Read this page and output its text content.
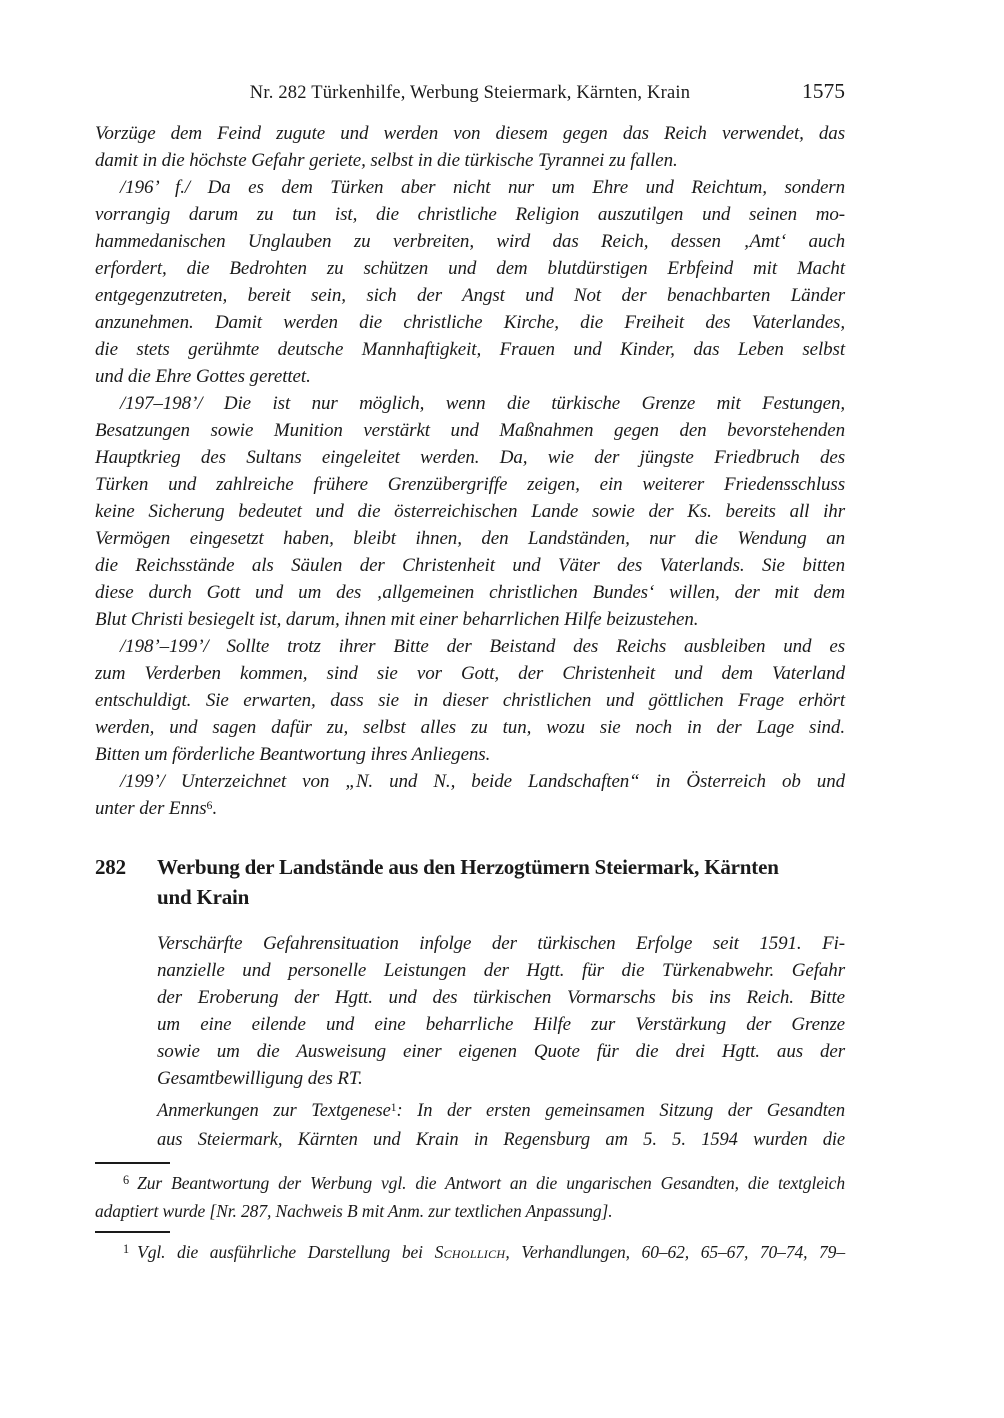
Nr. 282 Türkenhilfe, Werbung Steiermark, Kärnten, Krain	1575
Vorzüge dem Feind zugute und werden von diesem gegen das Reich verwendet, das
damit in die höchste Gefahr geriete, selbst in die türkische Tyrannei zu fallen.
/196’ f./ Da es dem Türken aber nicht nur um Ehre und Reichtum, sondern
vorrangig darum zu tun ist, die christliche Religion auszutilgen und seinen mo-
hammedanischen Unglauben zu verbreiten, wird das Reich, dessen ‚Amt‘ auch
erfordert, die Bedrohten zu schützen und dem blutdürstigen Erbfeind mit Macht
entgegenzutreten, bereit sein, sich der Angst und Not der benachbarten Länder
anzunehmen. Damit werden die christliche Kirche, die Freiheit des Vaterlandes,
die stets gerühmte deutsche Mannhaftigkeit, Frauen und Kinder, das Leben selbst
und die Ehre Gottes gerettet.
/197–198’/ Die ist nur möglich, wenn die türkische Grenze mit Festungen,
Besatzungen sowie Munition verstärkt und Maßnahmen gegen den bevorstehenden
Hauptkrieg des Sultans eingeleitet werden. Da, wie der jüngste Friedbruch des
Türken und zahlreiche frühere Grenzübergriffe zeigen, ein weiterer Friedensschluss
keine Sicherung bedeutet und die österreichischen Lande sowie der Ks. bereits all ihr
Vermögen eingesetzt haben, bleibt ihnen, den Landständen, nur die Wendung an
die Reichsstände als Säulen der Christenheit und Väter des Vaterlands. Sie bitten
diese durch Gott und um des ‚allgemeinen christlichen Bundes‘ willen, der mit dem
Blut Christi besiegelt ist, darum, ihnen mit einer beharrlichen Hilfe beizustehen.
/198’–199’/ Sollte trotz ihrer Bitte der Beistand des Reichs ausbleiben und es
zum Verderben kommen, sind sie vor Gott, der Christenheit und dem Vaterland
entschuldigt. Sie erwarten, dass sie in dieser christlichen und göttlichen Frage erhört
werden, und sagen dafür zu, selbst alles zu tun, wozu sie noch in der Lage sind.
Bitten um förderliche Beantwortung ihres Anliegens.
/199’/ Unterzeichnet von „N. und N., beide Landschaften“ in Österreich ob und
unter der Enns$^6$.
282	Werbung der Landstände aus den Herzogtümern Steiermark, Kärnten
und Krain
Verschärfte Gefahrensituation infolge der türkischen Erfolge seit 1591. Fi-
nanzielle und personelle Leistungen der Hgtt. für die Türkenabwehr. Gefahr
der Eroberung der Hgtt. und des türkischen Vormarschs bis ins Reich. Bitte
um eine eilende und eine beharrliche Hilfe zur Verstärkung der Grenze
sowie um die Ausweisung einer eigenen Quote für die drei Hgtt. aus der
Gesamtbewilligung des RT.
Anmerkungen zur Textgenese$^1$: In der ersten gemeinsamen Sitzung der Gesandten
aus Steiermark, Kärnten und Krain in Regensburg am 5. 5. 1594 wurden die
$^6$ Zur Beantwortung der Werbung vgl. die Antwort an die ungarischen Gesandten, die textgleich
adaptiert wurde [Nr. 287, Nachweis B mit Anm. zur textlichen Anpassung].
$^1$ Vgl. die ausführliche Darstellung bei Schollich, Verhandlungen, 60–62, 65–67, 70–74, 79–
